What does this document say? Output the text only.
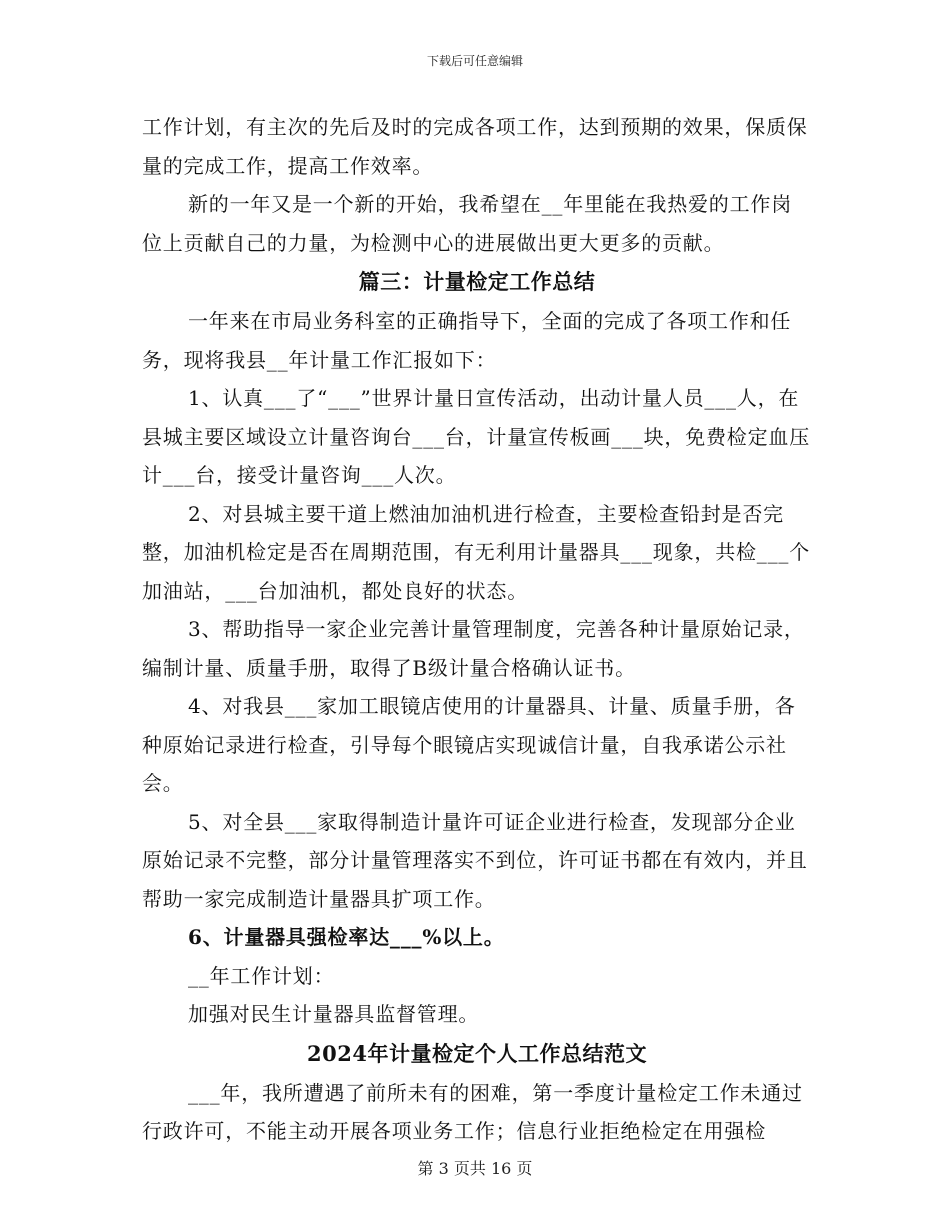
下载后可任意编辑

工作计划，有主次的先后及时的完成各项工作，达到预期的效果，保质保量的完成工作，提高工作效率。

新的一年又是一个新的开始，我希望在__年里能在我热爱的工作岗位上贡献自己的力量，为检测中心的进展做出更大更多的贡献。

篇三：计量检定工作总结

一年来在市局业务科室的正确指导下，全面的完成了各项工作和任务，现将我县__年计量工作汇报如下：

1、认真___了“___”世界计量日宣传活动，出动计量人员___人，在县城主要区域设立计量咨询台___台，计量宣传板画___块，免费检定血压计___台，接受计量咨询___人次。

2、对县城主要干道上燃油加油机进行检查，主要检查铅封是否完整，加油机检定是否在周期范围，有无利用计量器具___现象，共检___个加油站，___台加油机，都处良好的状态。

3、帮助指导一家企业完善计量管理制度，完善各种计量原始记录，编制计量、质量手册，取得了B级计量合格确认证书。

4、对我县___家加工眼镜店使用的计量器具、计量、质量手册，各种原始记录进行检查，引导每个眼镜店实现诚信计量，自我承诺公示社会。

5、对全县___家取得制造计量许可证企业进行检查，发现部分企业原始记录不完整，部分计量管理落实不到位，许可证书都在有效内，并且帮助一家完成制造计量器具扩项工作。

6、计量器具强检率达___%以上。

__年工作计划：

加强对民生计量器具监督管理。

2024年计量检定个人工作总结范文

___年，我所遭遇了前所未有的困难，第一季度计量检定工作未通过行政许可，不能主动开展各项业务工作；信息行业拒绝检定在用强检

第 3 页共 16 页
